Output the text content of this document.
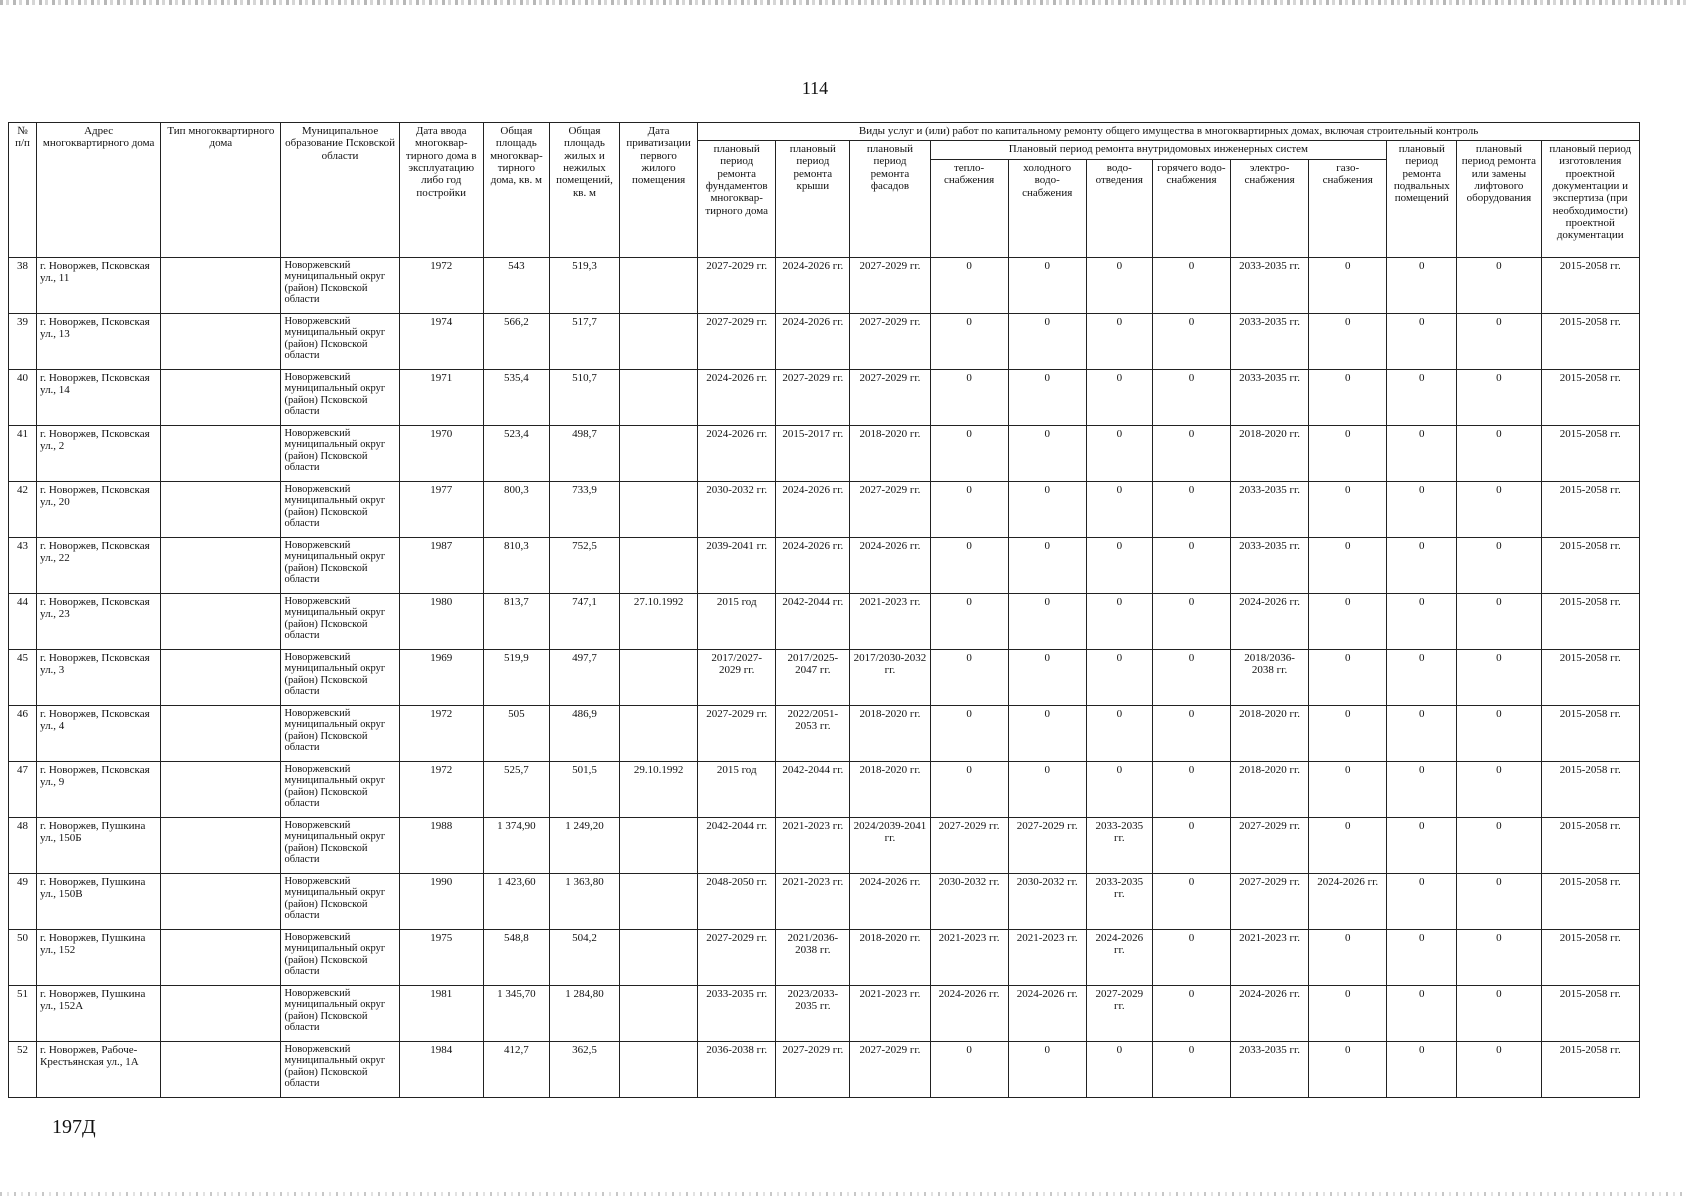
114
№ п/п	Адрес многоквартирного дома	Тип многоквартирного дома	Муниципальное образование Псковской области	Дата ввода многоквар-тирного дома в эксплуатацию либо год постройки	Общая площадь многоквар-тирного дома, кв. м	Общая площадь жилых и нежилых помещений, кв. м	Дата приватизации первого жилого помещения	Виды услуг и (или) работ по капитальному ремонту общего имущества в многоквартирных домах, включая строительный контроль											
								плановый период ремонта фундаментов многоквар-тирного дома	плановый период ремонта крыши	плановый период ремонта фасадов	Плановый период ремонта внутридомовых инженерных систем						плановый период ремонта подвальных помещений	плановый период ремонта или замены лифтового оборудования	плановый период изготовления проектной документации и экспертиза (при необходимости) проектной документации
											тепло-снабжения	холодного водо-снабжения	водо-отведения	горячего водо-снабжения	электро-снабжения	газо-снабжения			
38	г. Новоржев, Псковская ул., 11		Новоржевский муниципальный округ (район) Псковской области	1972	543	519,3		2027-2029 гг.	2024-2026 гг.	2027-2029 гг.	0	0	0	0	2033-2035 гг.	0	0	0	2015-2058 гг.
39	г. Новоржев, Псковская ул., 13		Новоржевский муниципальный округ (район) Псковской области	1974	566,2	517,7		2027-2029 гг.	2024-2026 гг.	2027-2029 гг.	0	0	0	0	2033-2035 гг.	0	0	0	2015-2058 гг.
40	г. Новоржев, Псковская ул., 14		Новоржевский муниципальный округ (район) Псковской области	1971	535,4	510,7		2024-2026 гг.	2027-2029 гг.	2027-2029 гг.	0	0	0	0	2033-2035 гг.	0	0	0	2015-2058 гг.
41	г. Новоржев, Псковская ул., 2		Новоржевский муниципальный округ (район) Псковской области	1970	523,4	498,7		2024-2026 гг.	2015-2017 гг.	2018-2020 гг.	0	0	0	0	2018-2020 гг.	0	0	0	2015-2058 гг.
42	г. Новоржев, Псковская ул., 20		Новоржевский муниципальный округ (район) Псковской области	1977	800,3	733,9		2030-2032 гг.	2024-2026 гг.	2027-2029 гг.	0	0	0	0	2033-2035 гг.	0	0	0	2015-2058 гг.
43	г. Новоржев, Псковская ул., 22		Новоржевский муниципальный округ (район) Псковской области	1987	810,3	752,5		2039-2041 гг.	2024-2026 гг.	2024-2026 гг.	0	0	0	0	2033-2035 гг.	0	0	0	2015-2058 гг.
44	г. Новоржев, Псковская ул., 23		Новоржевский муниципальный округ (район) Псковской области	1980	813,7	747,1	27.10.1992	2015 год	2042-2044 гг.	2021-2023 гг.	0	0	0	0	2024-2026 гг.	0	0	0	2015-2058 гг.
45	г. Новоржев, Псковская ул., 3		Новоржевский муниципальный округ (район) Псковской области	1969	519,9	497,7		2017/2027-2029 гг.	2017/2025-2047 гг.	2017/2030-2032 гг.	0	0	0	0	2018/2036-2038 гг.	0	0	0	2015-2058 гг.
46	г. Новоржев, Псковская ул., 4		Новоржевский муниципальный округ (район) Псковской области	1972	505	486,9		2027-2029 гг.	2022/2051-2053 гг.	2018-2020 гг.	0	0	0	0	2018-2020 гг.	0	0	0	2015-2058 гг.
47	г. Новоржев, Псковская ул., 9		Новоржевский муниципальный округ (район) Псковской области	1972	525,7	501,5	29.10.1992	2015 год	2042-2044 гг.	2018-2020 гг.	0	0	0	0	2018-2020 гг.	0	0	0	2015-2058 гг.
48	г. Новоржев, Пушкина ул., 150Б		Новоржевский муниципальный округ (район) Псковской области	1988	1 374,90	1 249,20		2042-2044 гг.	2021-2023 гг.	2024/2039-2041 гг.	2027-2029 гг.	2027-2029 гг.	2033-2035 гг.	0	2027-2029 гг.	0	0	0	2015-2058 гг.
49	г. Новоржев, Пушкина ул., 150В		Новоржевский муниципальный округ (район) Псковской области	1990	1 423,60	1 363,80		2048-2050 гг.	2021-2023 гг.	2024-2026 гг.	2030-2032 гг.	2030-2032 гг.	2033-2035 гг.	0	2027-2029 гг.	2024-2026 гг.	0	0	2015-2058 гг.
50	г. Новоржев, Пушкина ул., 152		Новоржевский муниципальный округ (район) Псковской области	1975	548,8	504,2		2027-2029 гг.	2021/2036-2038 гг.	2018-2020 гг.	2021-2023 гг.	2021-2023 гг.	2024-2026 гг.	0	2021-2023 гг.	0	0	0	2015-2058 гг.
51	г. Новоржев, Пушкина ул., 152А		Новоржевский муниципальный округ (район) Псковской области	1981	1 345,70	1 284,80		2033-2035 гг.	2023/2033-2035 гг.	2021-2023 гг.	2024-2026 гг.	2024-2026 гг.	2027-2029 гг.	0	2024-2026 гг.	0	0	0	2015-2058 гг.
52	г. Новоржев, Рабоче-Крестьянская ул., 1А		Новоржевский муниципальный округ (район) Псковской области	1984	412,7	362,5		2036-2038 гг.	2027-2029 гг.	2027-2029 гг.	0	0	0	0	2033-2035 гг.	0	0	0	2015-2058 гг.
197Д
